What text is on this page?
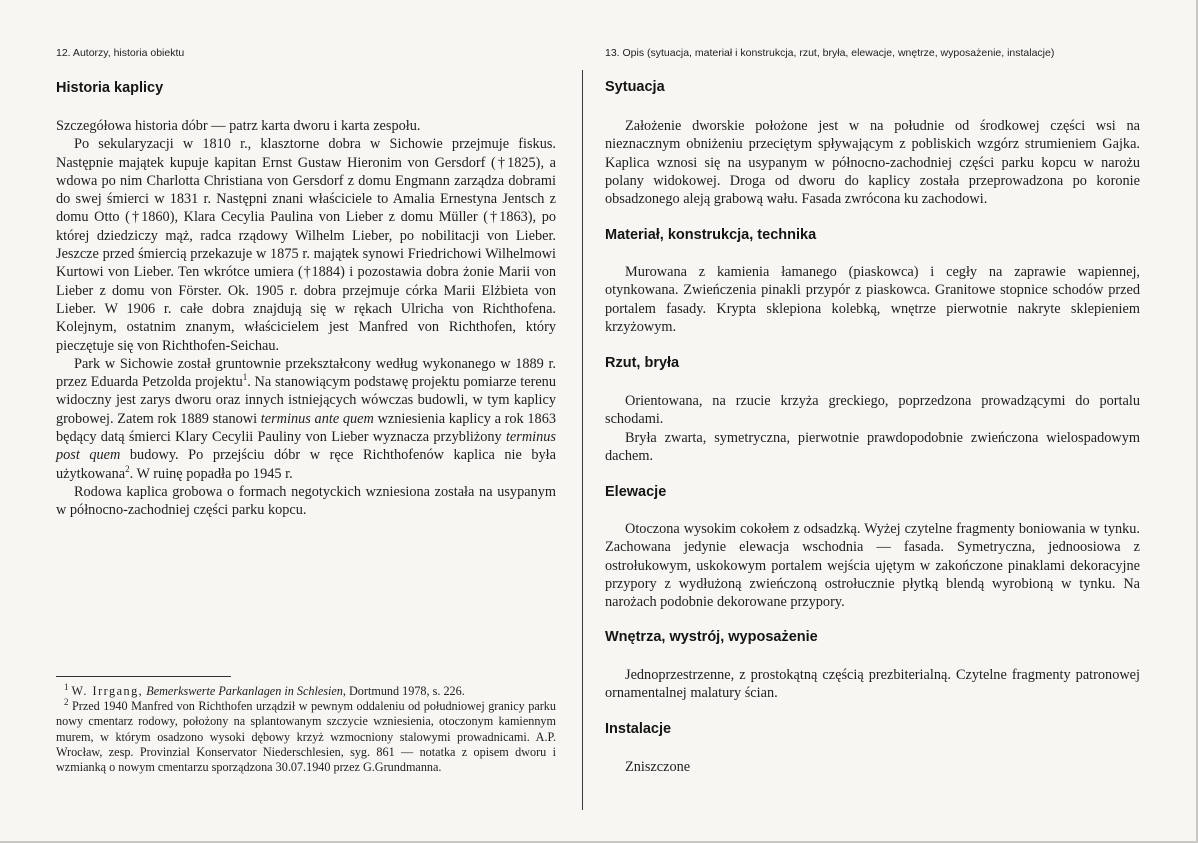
12. Autorzy, historia obiektu
Historia kaplicy

Szczegółowa historia dóbr — patrz karta dworu i karta zespołu.

Po sekularyzacji w 1810 r., klasztorne dobra w Sichowie przejmuje fiskus. Następnie majątek kupuje kapitan Ernst Gustaw Hieronim von Gersdorf (†1825), a wdowa po nim Charlotta Christiana von Gersdorf z domu Engmann zarządza dobrami do swej śmierci w 1831 r. Następni znani właściciele to Amalia Ernestyna Jentsch z domu Otto (†1860), Klara Cecylia Paulina von Lieber z domu Müller (†1863), po której dziedziczy mąż, radca rządowy Wilhelm Lieber, po nobilitacji von Lieber. Jeszcze przed śmiercią przekazuje w 1875 r. majątek synowi Friedrichowi Wilhelmowi Kurtowi von Lieber. Ten wkrótce umiera (†1884) i pozostawia dobra żonie Marii von Lieber z domu von Förster. Ok. 1905 r. dobra przejmuje córka Marii Elżbieta von Lieber. W 1906 r. całe dobra znajdują się w rękach Ulricha von Richthofena. Kolejnym, ostatnim znanym, właścicielem jest Manfred von Richthofen, który pieczętuje się von Richthofen-Seichau.

Park w Sichowie został gruntownie przekształcony według wykonanego w 1889 r. przez Eduarda Petzolda projektu$^1$. Na stanowiącym podstawę projektu pomiarze terenu widoczny jest zarys dworu oraz innych istniejących wówczas budowli, w tym kaplicy grobowej. Zatem rok 1889 stanowi terminus ante quem wzniesienia kaplicy a rok 1863 będący datą śmierci Klary Cecylii Pauliny von Lieber wyznacza przybliżony terminus post quem budowy. Po przejściu dóbr w ręce Richthofenów kaplica nie była użytkowana$^2$. W ruinę popadła po 1945 r.

Rodowa kaplica grobowa o formach negotyckich wzniesiona została na usypanym w północno-zachodniej części parku kopcu.

$^1$ W. Irrgang, Bemerkswerte Parkanlagen in Schlesien, Dortmund 1978, s. 226.

$^2$ Przed 1940 Manfred von Richthofen urządził w pewnym oddaleniu od południowej granicy parku nowy cmentarz rodowy, położony na splantowanym szczycie wzniesienia, otoczonym kamiennym murem, w którym osadzono wysoki dębowy krzyż wzmocniony stalowymi prowadnicami. A.P. Wrocław, zesp. Provinzial Konservator Niederschlesien, syg. 861 — notatka z opisem dworu i wzmianką o nowym cmentarzu sporządzona 30.07.1940 przez G.Grundmanna.

13. Opis (sytuacja, materiał i konstrukcja, rzut, bryła, elewacje, wnętrze, wyposażenie, instalacje)
Sytuacja

Założenie dworskie położone jest w na południe od środkowej części wsi na nieznacznym obniżeniu przeciętym spływającym z pobliskich wzgórz strumieniem Gajka. Kaplica wznosi się na usypanym w północno-zachodniej części parku kopcu w narożu polany widokowej. Droga od dworu do kaplicy została przeprowadzona po koronie obsadzonego aleją grabową wału. Fasada zwrócona ku zachodowi.

Materiał, konstrukcja, technika

Murowana z kamienia łamanego (piaskowca) i cegły na zaprawie wapiennej, otynkowana. Zwieńczenia pinakli przypór z piaskowca. Granitowe stopnice schodów przed portalem fasady. Krypta sklepiona kolebką, wnętrze pierwotnie nakryte sklepieniem krzyżowym.

Rzut, bryła

Orientowana, na rzucie krzyża greckiego, poprzedzona prowadzącymi do portalu schodami.

Bryła zwarta, symetryczna, pierwotnie prawdopodobnie zwieńczona wielospadowym dachem.

Elewacje

Otoczona wysokim cokołem z odsadzką. Wyżej czytelne fragmenty boniowania w tynku. Zachowana jedynie elewacja wschodnia — fasada. Symetryczna, jednoosiowa z ostrołukowym, uskokowym portalem wejścia ujętym w zakończone pinaklami dekoracyjne przypory z wydłużoną zwieńczoną ostrołucznie płytką blendą wyrobioną w tynku. Na narożach podobnie dekorowane przypory.

Wnętrza, wystrój, wyposażenie

Jednoprzestrzenne, z prostokątną częścią prezbiterialną. Czytelne fragmenty patronowej ornamentalnej malatury ścian.

Instalacje

Zniszczone
